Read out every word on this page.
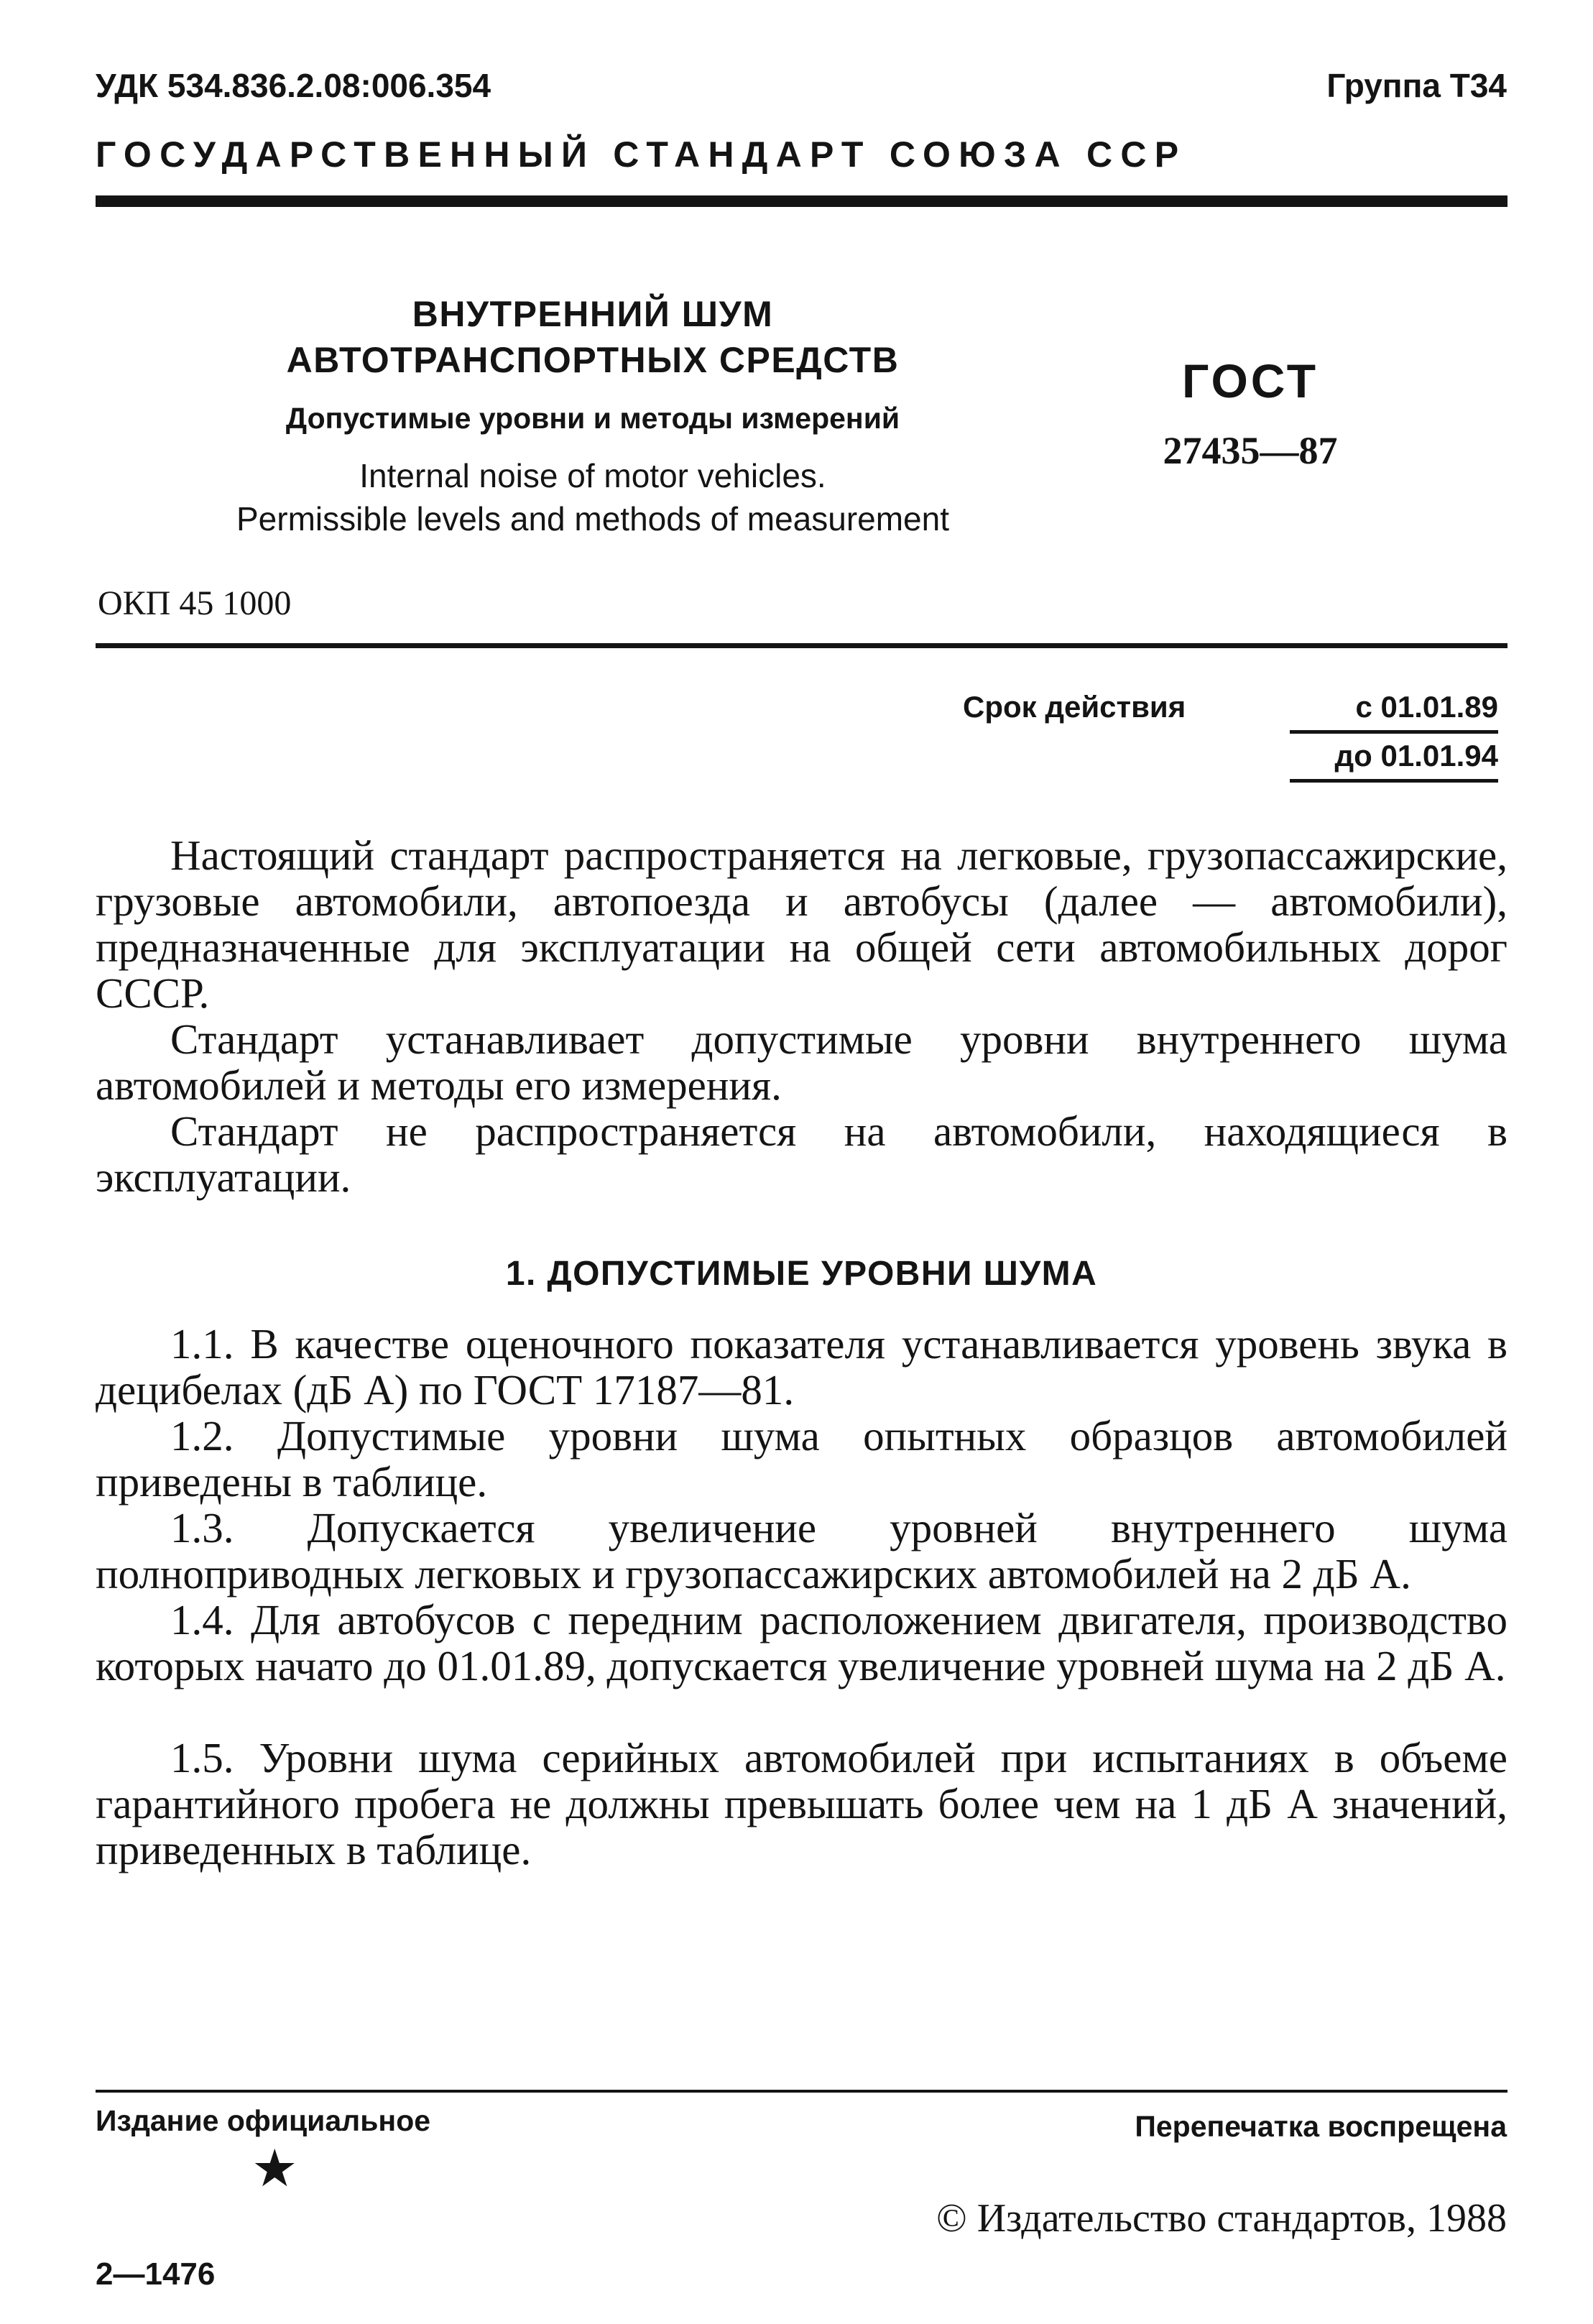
УДК 534.836.2.08:006.354	Группа Т34
ГОСУДАРСТВЕННЫЙ СТАНДАРТ СОЮЗА ССР
ВНУТРЕННИЙ ШУМ
АВТОТРАНСПОРТНЫХ СРЕДСТВ
Допустимые уровни и методы измерений
Internal noise of motor vehicles.
Permissible levels and methods of measurement
ГОСТ
27435—87
ОКП 45 1000
Срок действия	с 01.01.89
до 01.01.94

Настоящий стандарт распространяется на легковые, грузопассажирские, грузовые автомобили, автопоезда и автобусы (далее — автомобили), предназначенные для эксплуатации на общей сети автомобильных дорог СССР.

Стандарт устанавливает допустимые уровни внутреннего шума автомобилей и методы его измерения.

Стандарт не распространяется на автомобили, находящиеся в эксплуатации.

1. ДОПУСТИМЫЕ УРОВНИ ШУМА

1.1. В качестве оценочного показателя устанавливается уровень звука в децибелах (дБ А) по ГОСТ 17187—81.

1.2. Допустимые уровни шума опытных образцов автомобилей приведены в таблице.

1.3. Допускается увеличение уровней внутреннего шума полноприводных легковых и грузопассажирских автомобилей на 2 дБ А.

1.4. Для автобусов с передним расположением двигателя, производство которых начато до 01.01.89, допускается увеличение уровней шума на 2 дБ А.

1.5. Уровни шума серийных автомобилей при испытаниях в объеме гарантийного пробега не должны превышать более чем на 1 дБ А значений, приведенных в таблице.

Издание официальное	Перепечатка воспрещена
★
© Издательство стандартов, 1988
2—1476
